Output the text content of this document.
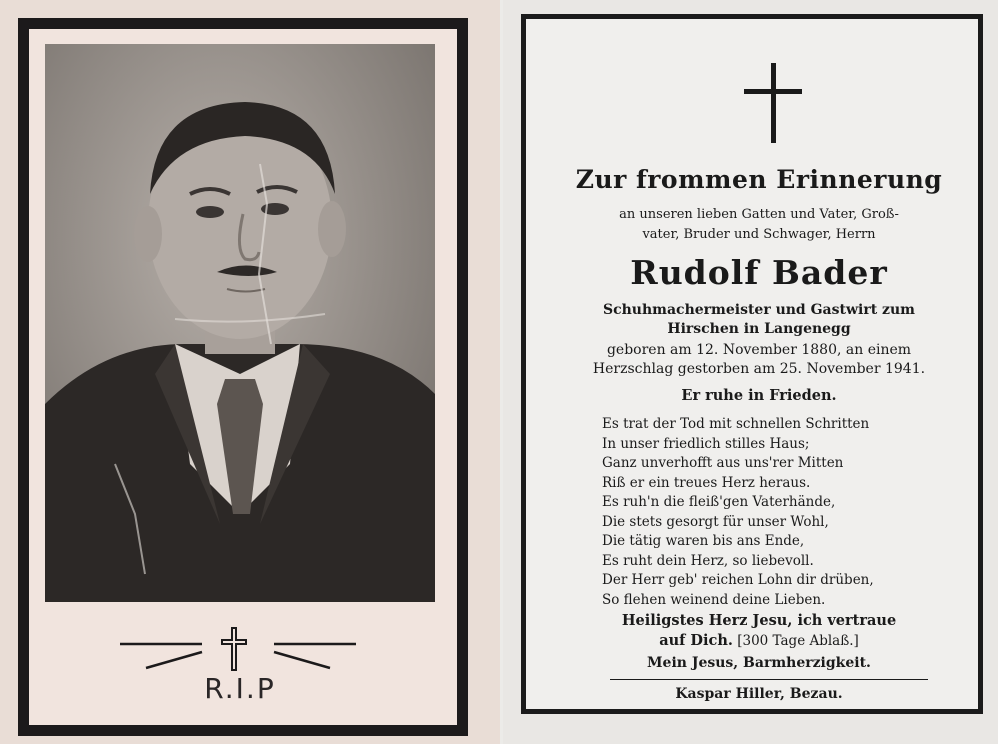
R.I.P
Zur frommen Erinnerung
an unseren lieben Gatten und Vater, Groß-
vater, Bruder und Schwager, Herrn
Rudolf Bader
Schuhmachermeister und Gastwirt zum
Hirschen in Langenegg
geboren am 12. November 1880, an einem
Herzschlag gestorben am 25. November 1941.
Er ruhe in Frieden.
Es trat der Tod mit schnellen Schritten
In unser friedlich stilles Haus;
Ganz unverhofft aus uns'rer Mitten
Riß er ein treues Herz heraus.
Es ruh'n die fleiß'gen Vaterhände,
Die stets gesorgt für unser Wohl,
Die tätig waren bis ans Ende,
Es ruht dein Herz, so liebevoll.
Der Herr geb' reichen Lohn dir drüben,
So flehen weinend deine Lieben.
Heiligstes Herz Jesu, ich vertraue
auf Dich. [300 Tage Ablaß.]
Mein Jesus, Barmherzigkeit.
Kaspar Hiller, Bezau.
